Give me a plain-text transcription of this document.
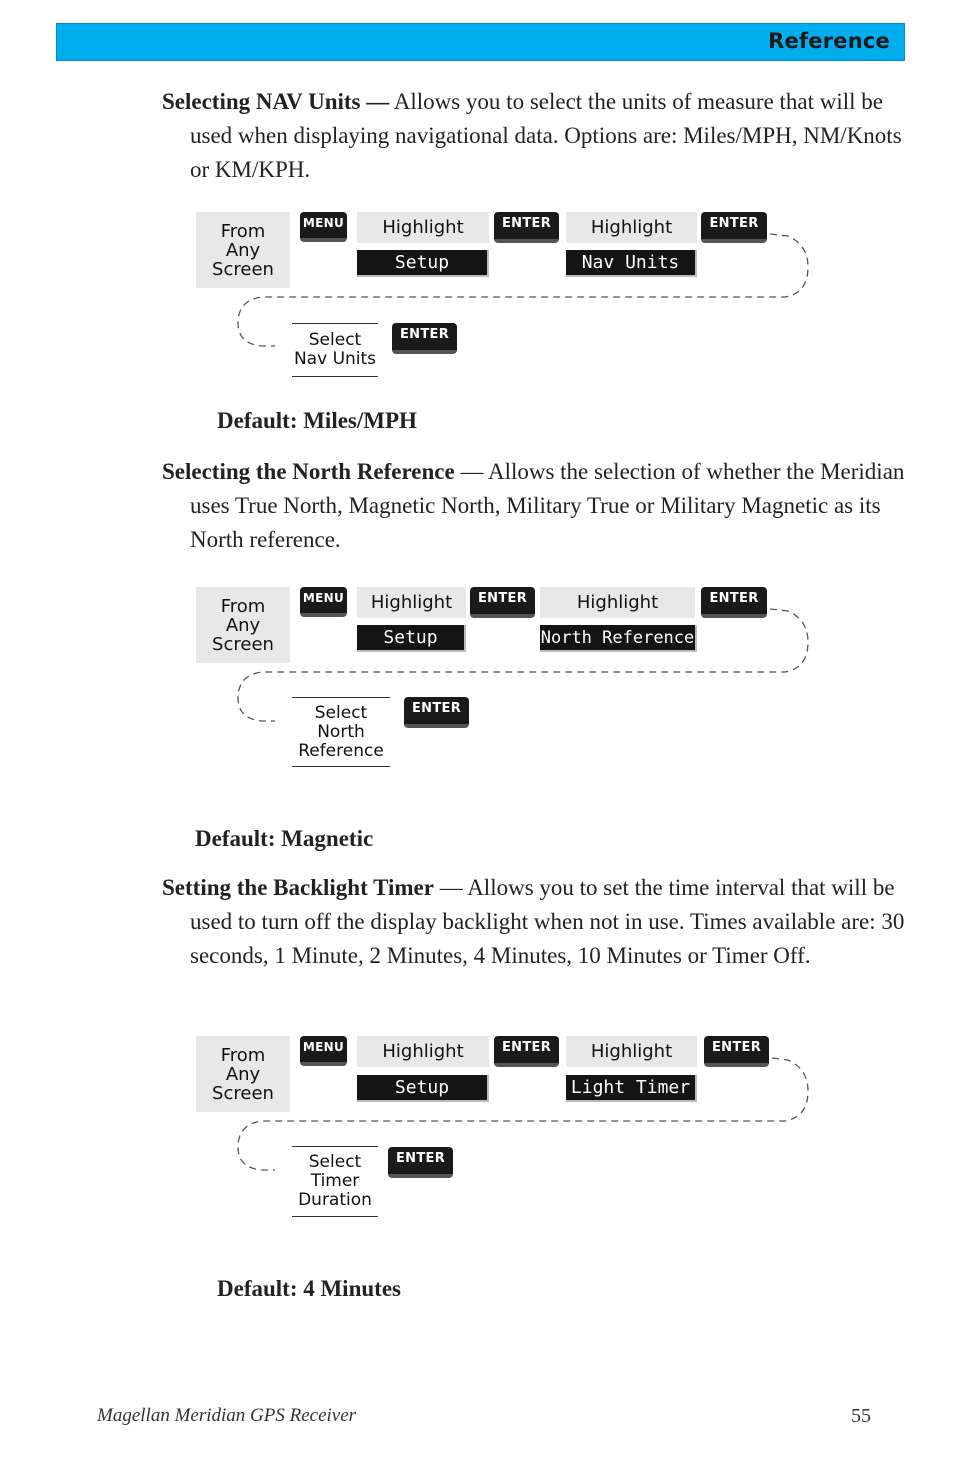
Reference
Selecting NAV Units — Allows you to select the units of measure that will be used when displaying navigational data. Options are: Miles/MPH, NM/Knots or KM/KPH.
From
Any
Screen
MENU	Highlight
Setup
ENTER	Highlight
Nav Units
ENTER
Select
Nav Units
ENTER
Default: Miles/MPH
Selecting the North Reference — Allows the selection of whether the Meridian uses True North, Magnetic North, Military True or Military Magnetic as its North reference.
From
Any
Screen
MENU	Highlight
Setup
ENTER	Highlight
North Reference
ENTER
Select
North
Reference
ENTER
Default: Magnetic
Setting the Backlight Timer — Allows you to set the time interval that will be used to turn off the display backlight when not in use. Times available are: 30 seconds, 1 Minute, 2 Minutes, 4 Minutes, 10 Minutes or Timer Off.
From
Any
Screen
MENU	Highlight
Setup
ENTER	Highlight
Light Timer
ENTER
Select
Timer
Duration
ENTER
Default: 4 Minutes
Magellan Meridian GPS Receiver	55
